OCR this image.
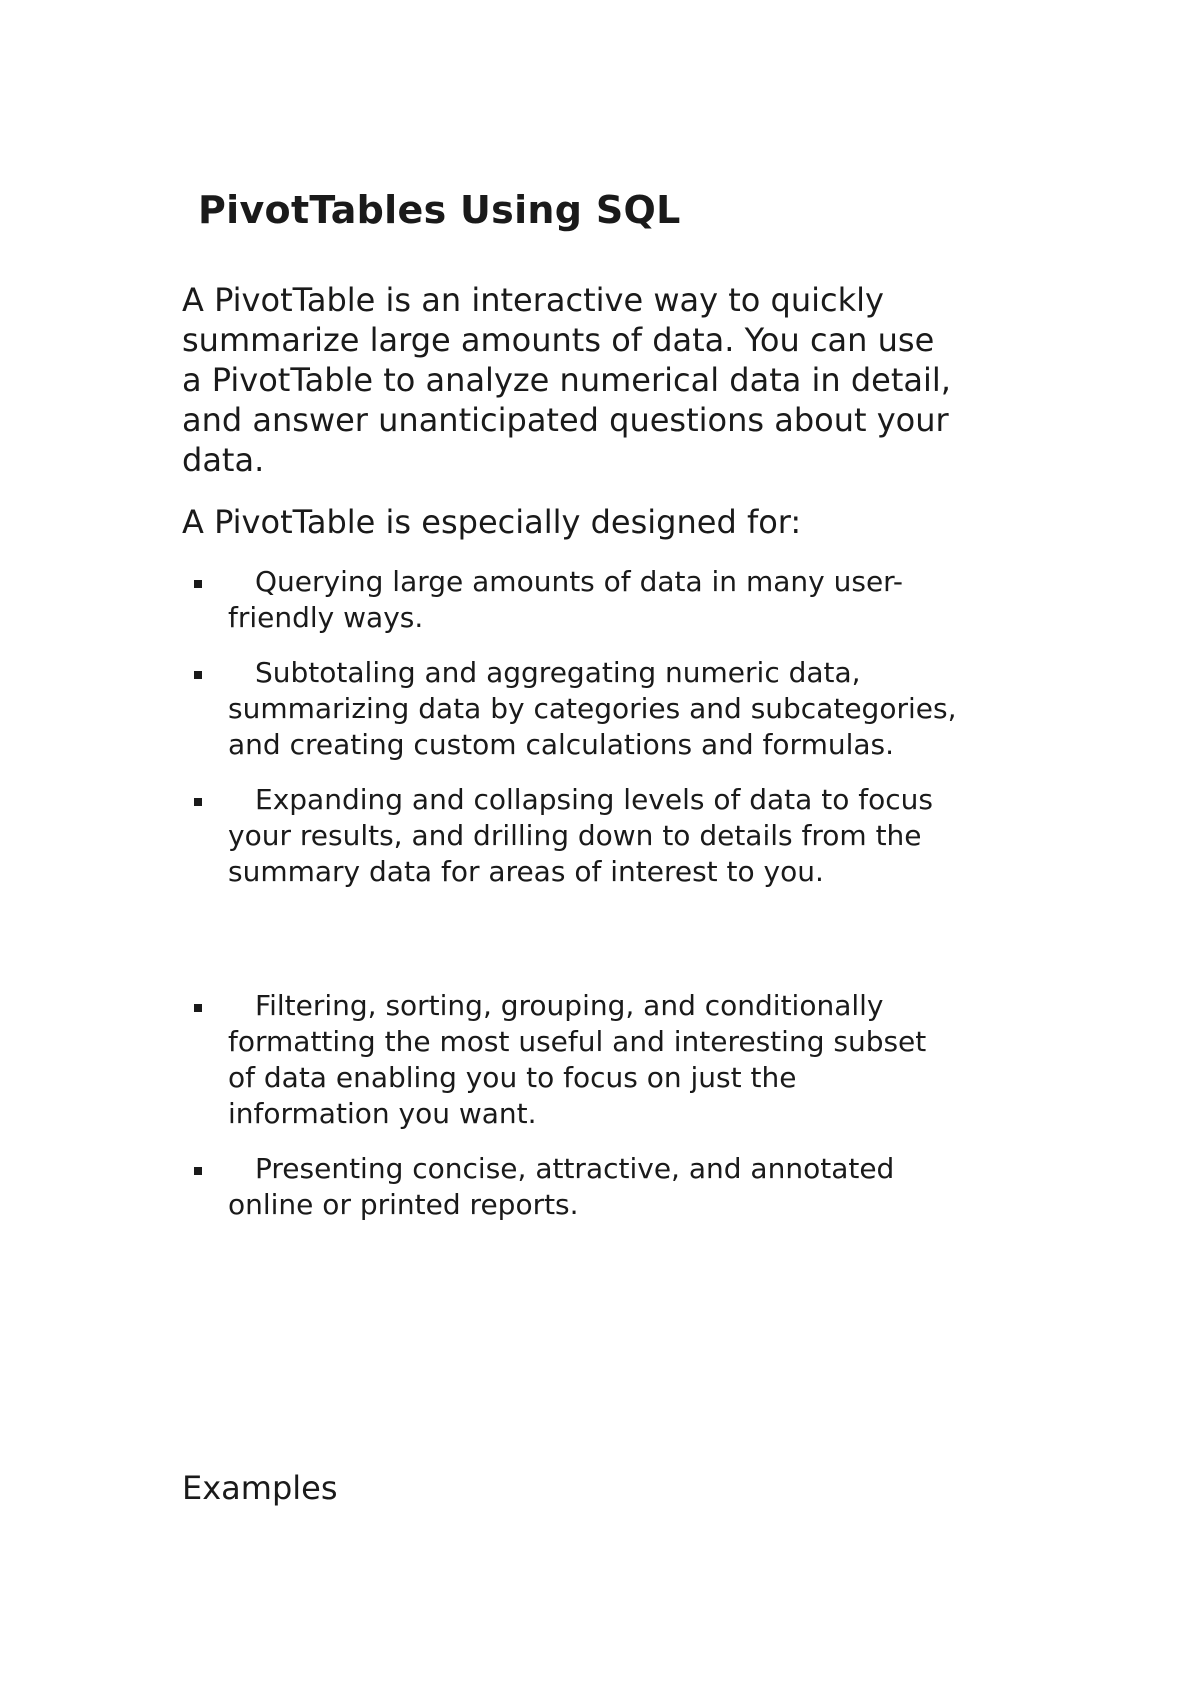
PivotTables Using SQL

A PivotTable is an interactive way to quickly
summarize large amounts of data. You can use
a PivotTable to analyze numerical data in detail,
and answer unanticipated questions about your
data.

A PivotTable is especially designed for:

Querying large amounts of data in many user-
friendly ways.

Subtotaling and aggregating numeric data,
summarizing data by categories and subcategories,
and creating custom calculations and formulas.

Expanding and collapsing levels of data to focus
your results, and drilling down to details from the
summary data for areas of interest to you.

Filtering, sorting, grouping, and conditionally
formatting the most useful and interesting subset
of data enabling you to focus on just the
information you want.

Presenting concise, attractive, and annotated
online or printed reports.

Examples
